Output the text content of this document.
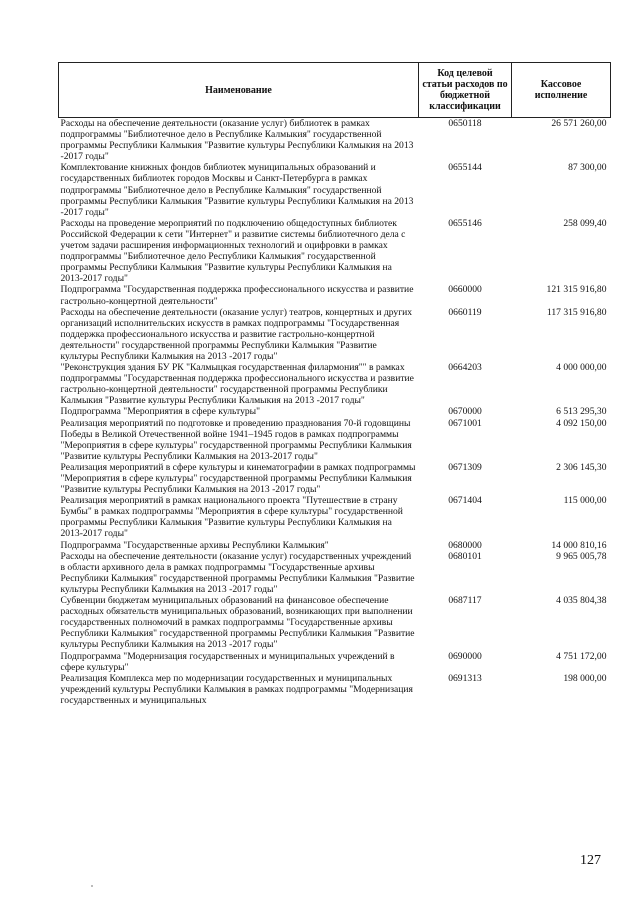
Наименование	Код целевой статьи расходов по бюджетной классификации	Кассовое исполнение
Расходы на обеспечение деятельности (оказание услуг) библиотек в рамках подпрограммы "Библиотечное дело в Республике Калмыкия" государственной программы Республики Калмыкия "Развитие культуры Республики Калмыкия на 2013 -2017 годы"	0650118	26 571 260,00
Комплектование книжных фондов библиотек муниципальных образований и государственных библиотек городов Москвы и Санкт-Петербурга в рамках подпрограммы "Библиотечное дело в Республике Калмыкия" государственной программы Республики Калмыкия "Развитие культуры Республики Калмыкия на 2013 -2017 годы"	0655144	87 300,00
Расходы на проведение мероприятий по подключению общедоступных библиотек Российской Федерации к сети "Интернет" и развитие системы библиотечного дела с учетом задачи расширения информационных технологий и оцифровки в рамках подпрограммы "Библиотечное дело Республики Калмыкия" государственной программы Республики Калмыкия "Развитие культуры Республики Калмыкия на 2013-2017 годы"	0655146	258 099,40
Подпрограмма "Государственная поддержка профессионального искусства и развитие гастрольно-концертной деятельности"	0660000	121 315 916,80
Расходы на обеспечение деятельности (оказание услуг) театров, концертных и других организаций исполнительских искусств в рамках подпрограммы "Государственная поддержка профессионального искусства и развитие гастрольно-концертной деятельности" государственной программы Республики Калмыкия "Развитие культуры Республики Калмыкия на 2013 -2017 годы"	0660119	117 315 916,80
"Реконструкция здания БУ РК "Калмыцкая государственная филармония"" в рамках подпрограммы "Государственная поддержка профессионального искусства и развитие гастрольно-концертной деятельности" государственной программы Республики Калмыкия "Развитие культуры Республики Калмыкия на 2013 -2017 годы"	0664203	4 000 000,00
Подпрограмма "Мероприятия в сфере культуры"	0670000	6 513 295,30
Реализация мероприятий по подготовке и проведению празднования 70-й годовщины Победы в Великой Отечественной войне 1941–1945 годов в рамках подпрограммы "Мероприятия в сфере культуры" государственной программы Республики Калмыкия "Развитие культуры Республики Калмыкия на 2013-2017 годы"	0671001	4 092 150,00
Реализация мероприятий в сфере культуры и кинематографии в рамках подпрограммы "Мероприятия в сфере культуры" государственной программы Республики Калмыкия "Развитие культуры Республики Калмыкия на 2013 -2017 годы"	0671309	2 306 145,30
Реализация мероприятий в рамках национального проекта "Путешествие в страну Бумбы" в рамках подпрограммы "Мероприятия в сфере культуры" государственной программы Республики Калмыкия "Развитие культуры Республики Калмыкия на 2013-2017 годы"	0671404	115 000,00
Подпрограмма "Государственные архивы Республики Калмыкия"	0680000	14 000 810,16
Расходы на обеспечение деятельности (оказание услуг) государственных учреждений в области архивного дела в рамках подпрограммы "Государственные архивы Республики Калмыкия" государственной программы Республики Калмыкия "Развитие культуры Республики Калмыкия на 2013 -2017 годы"	0680101	9 965 005,78
Субвенции бюджетам муниципальных образований на финансовое обеспечение расходных обязательств муниципальных образований, возникающих при выполнении государственных полномочий в рамках подпрограммы "Государственные архивы Республики Калмыкия" государственной программы Республики Калмыкия "Развитие культуры Республики Калмыкия на 2013 -2017 годы"	0687117	4 035 804,38
Подпрограмма "Модернизация государственных и муниципальных учреждений в сфере культуры"	0690000	4 751 172,00
Реализация Комплекса мер по модернизации государственных и муниципальных учреждений культуры Республики Калмыкия в рамках подпрограммы "Модернизация государственных и муниципальных	0691313	198 000,00
127
